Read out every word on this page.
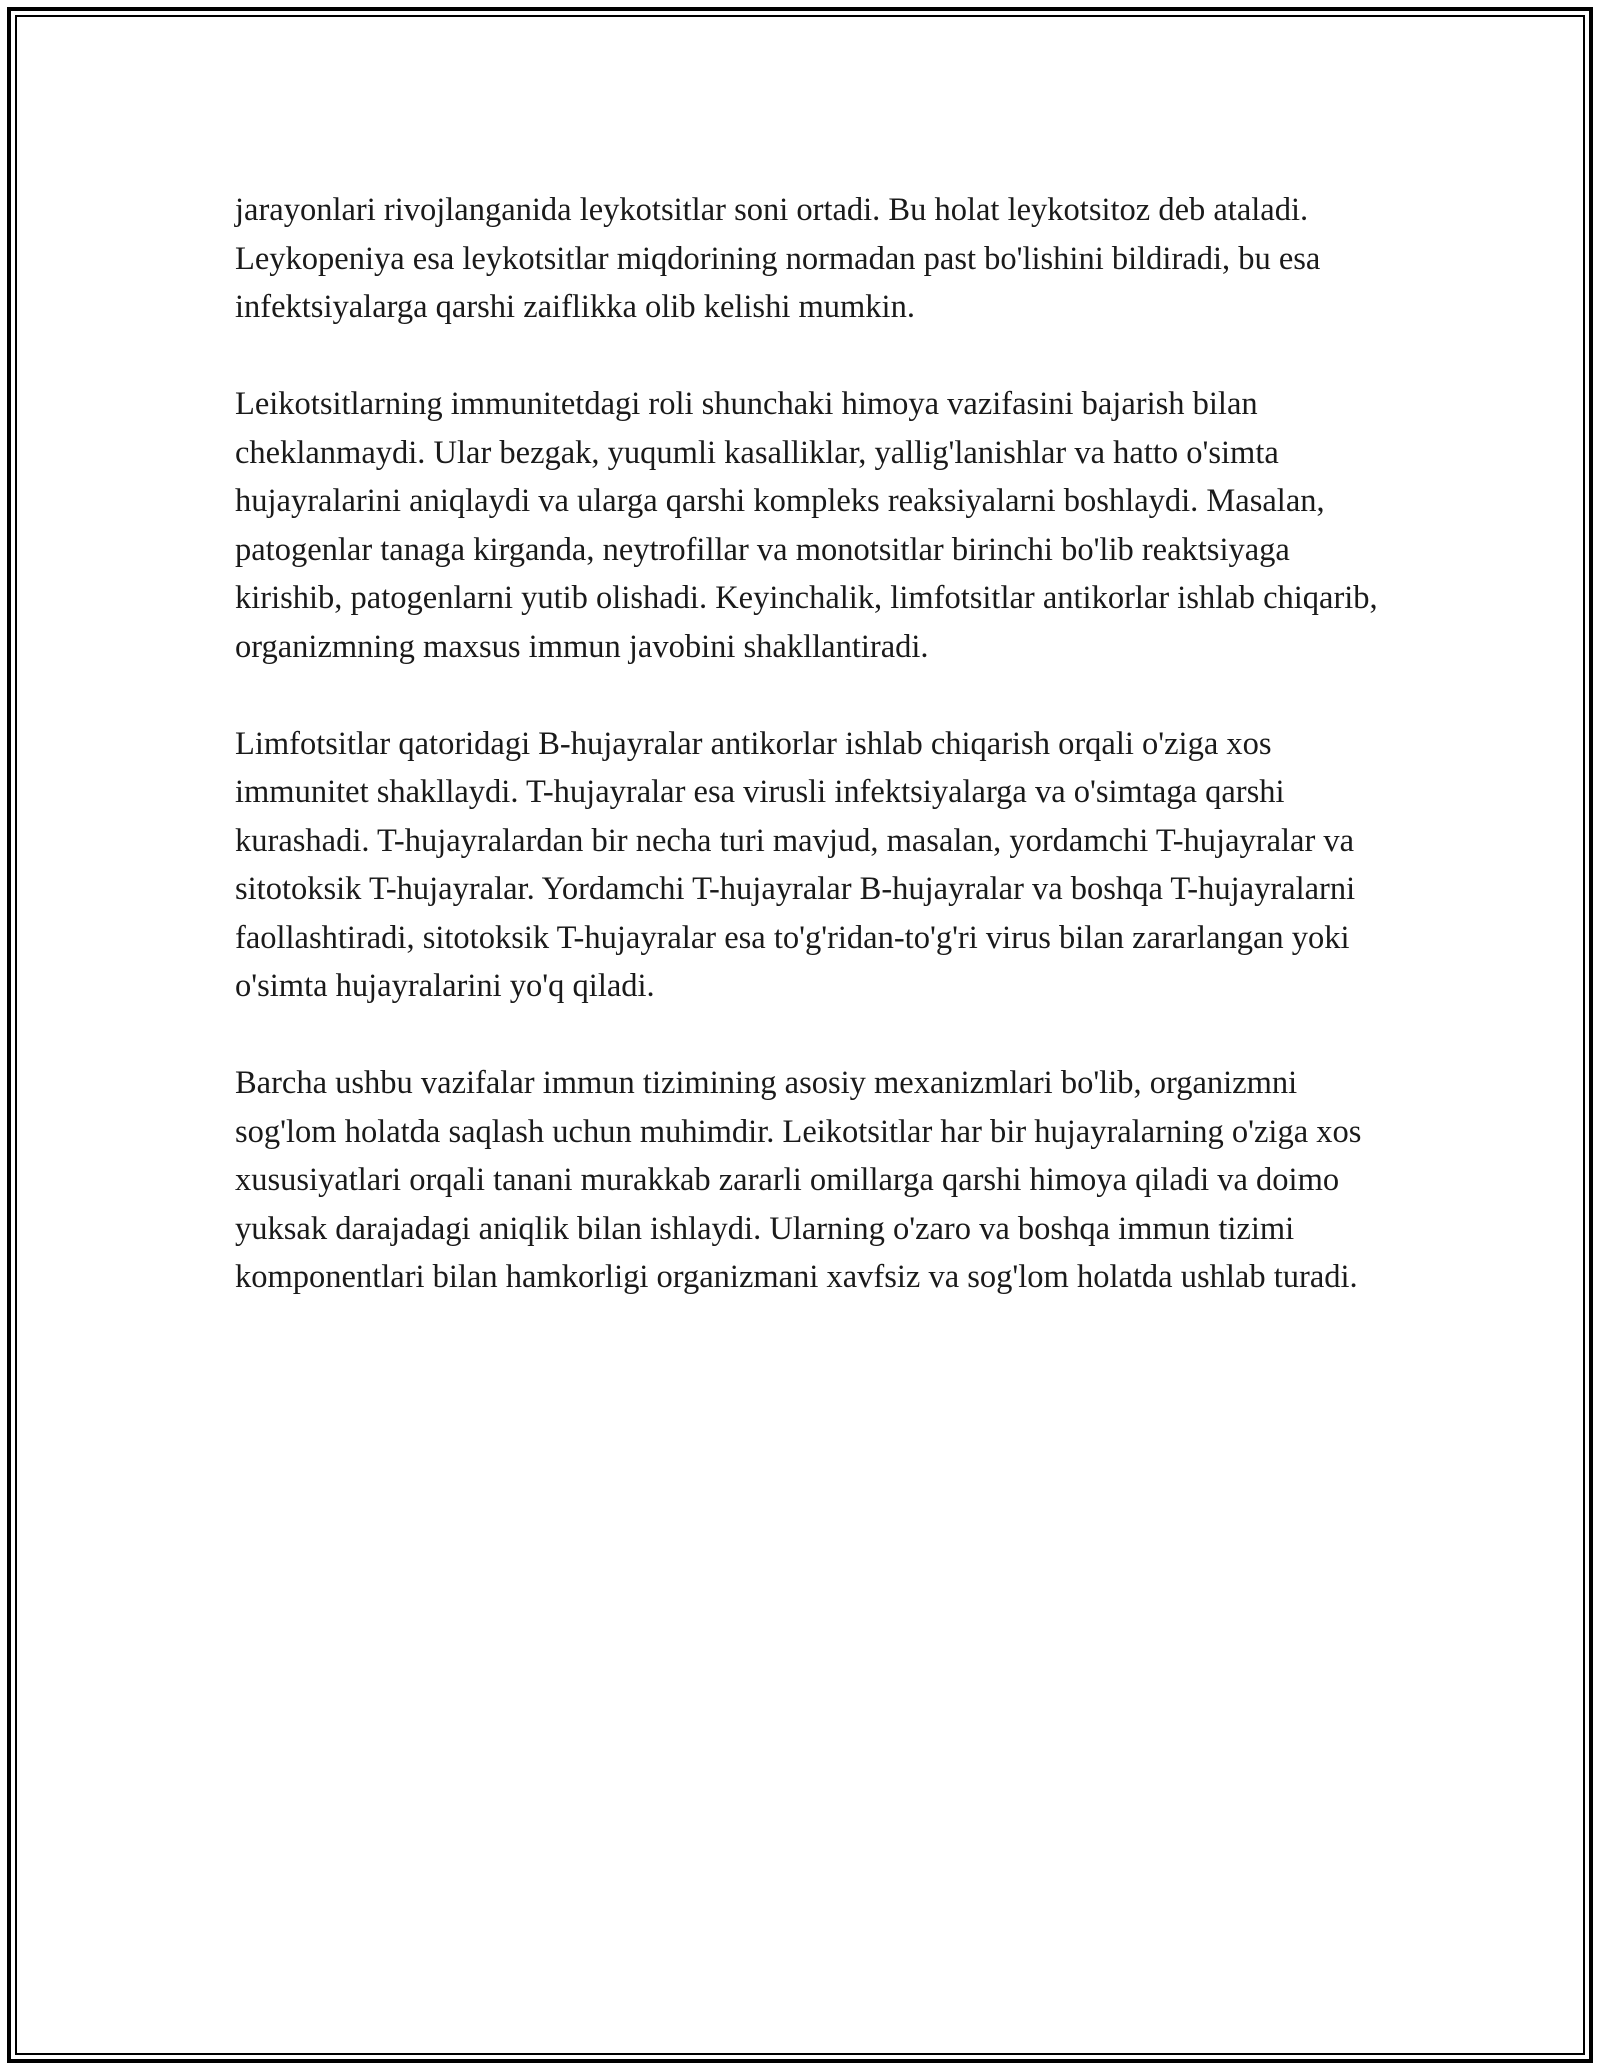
jarayonlari rivojlanganida leykotsitlar soni ortadi. Bu holat leykotsitoz deb ataladi. Leykopeniya esa leykotsitlar miqdorining normadan past bo'lishini bildiradi, bu esa infektsiyalarga qarshi zaiflikka olib kelishi mumkin.

Leikotsitlarning immunitetdagi roli shunchaki himoya vazifasini bajarish bilan cheklanmaydi. Ular bezgak, yuqumli kasalliklar, yallig'lanishlar va hatto o'simta hujayralarini aniqlaydi va ularga qarshi kompleks reaksiyalarni boshlaydi. Masalan, patogenlar tanaga kirganda, neytrofillar va monotsitlar birinchi bo'lib reaktsiyaga kirishib, patogenlarni yutib olishadi. Keyinchalik, limfotsitlar antikorlar ishlab chiqarib, organizmning maxsus immun javobini shakllantiradi.

Limfotsitlar qatoridagi B-hujayralar antikorlar ishlab chiqarish orqali o'ziga xos immunitet shakllaydi. T-hujayralar esa virusli infektsiyalarga va o'simtaga qarshi kurashadi. T-hujayralardan bir necha turi mavjud, masalan, yordamchi T-hujayralar va sitotoksik T-hujayralar. Yordamchi T-hujayralar B-hujayralar va boshqa T-hujayralarni faollashtiradi, sitotoksik T-hujayralar esa to'g'ridan-to'g'ri virus bilan zararlangan yoki o'simta hujayralarini yo'q qiladi.

Barcha ushbu vazifalar immun tizimining asosiy mexanizmlari bo'lib, organizmni sog'lom holatda saqlash uchun muhimdir. Leikotsitlar har bir hujayralarning o'ziga xos xususiyatlari orqali tanani murakkab zararli omillarga qarshi himoya qiladi va doimo yuksak darajadagi aniqlik bilan ishlaydi. Ularning o'zaro va boshqa immun tizimi komponentlari bilan hamkorligi organizmani xavfsiz va sog'lom holatda ushlab turadi.
